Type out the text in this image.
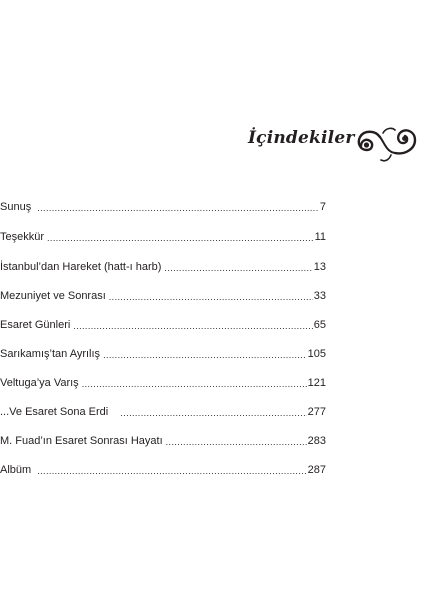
İçindekiler
Sunuş .....	7
Teşekkür .....	11
İstanbul’dan Hareket (hatt-ı harb) .....	13
Mezuniyet ve Sonrası .....	33
Esaret Günleri .....	65
Sarıkamış’tan Ayrılış .....	105
Veltuga’ya Varış .....	121
...Ve Esaret Sona Erdi .....	277
M. Fuad’ın Esaret Sonrası Hayatı .....	283
Albüm .....	287
